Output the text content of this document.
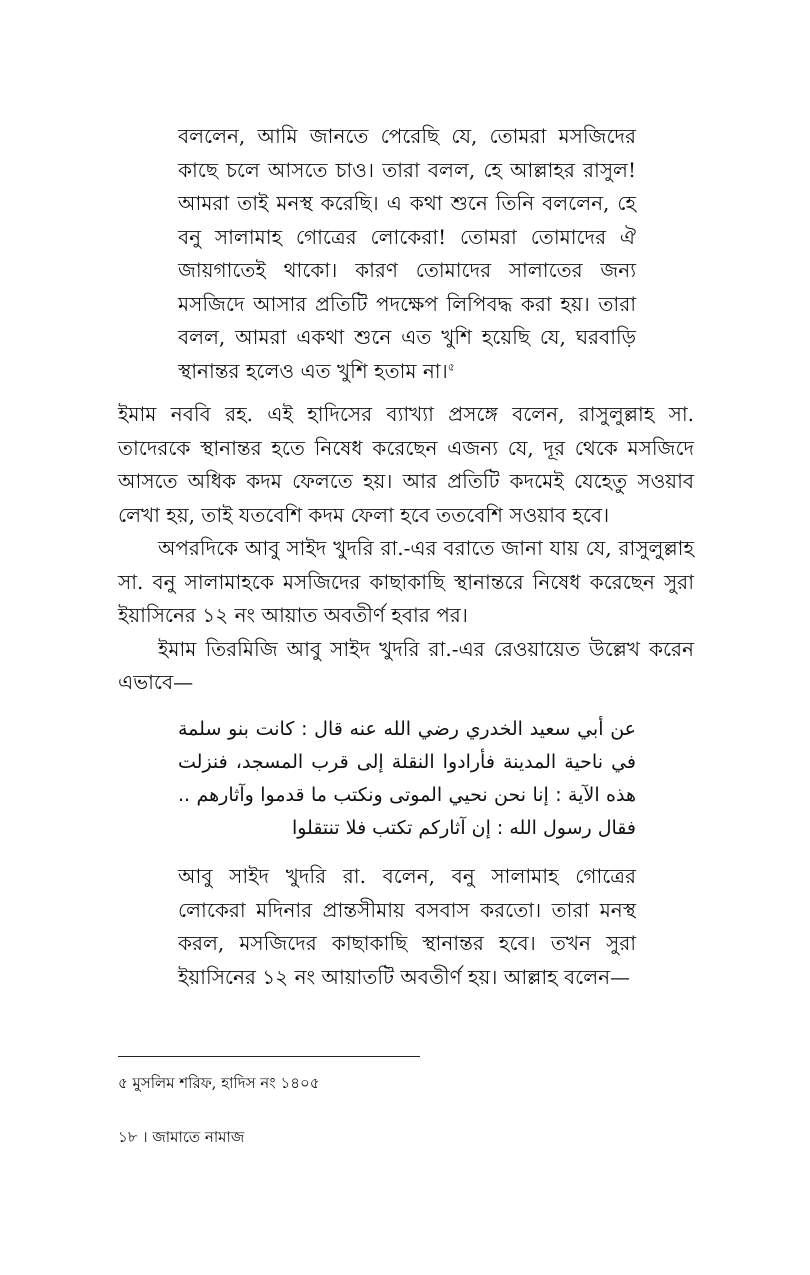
বললেন, আমি জানতে পেরেছি যে, তোমরা মসজিদের কাছে চলে আসতে চাও। তারা বলল, হে আল্লাহর রাসুল! আমরা তাই মনস্থ করেছি। এ কথা শুনে তিনি বললেন, হে বনু সালামাহ গোত্রের লোকেরা! তোমরা তোমাদের ঐ জায়গাতেই থাকো। কারণ তোমাদের সালাতের জন্য মসজিদে আসার প্রতিটি পদক্ষেপ লিপিবদ্ধ করা হয়। তারা বলল, আমরা একথা শুনে এত খুশি হয়েছি যে, ঘরবাড়ি স্থানান্তর হলেও এত খুশি হতাম না।$^৫$

ইমাম নববি রহ. এই হাদিসের ব্যাখ্যা প্রসঙ্গে বলেন, রাসুলুল্লাহ সা. তাদেরকে স্থানান্তর হতে নিষেধ করেছেন এজন্য যে, দূর থেকে মসজিদে আসতে অধিক কদম ফেলতে হয়। আর প্রতিটি কদমেই যেহেতু সওয়াব লেখা হয়, তাই যতবেশি কদম ফেলা হবে ততবেশি সওয়াব হবে।

অপরদিকে আবু সাইদ খুদরি রা.-এর বরাতে জানা যায় যে, রাসুলুল্লাহ সা. বনু সালামাহকে মসজিদের কাছাকাছি স্থানান্তরে নিষেধ করেছেন সুরা ইয়াসিনের ১২ নং আয়াত অবতীর্ণ হবার পর।

ইমাম তিরমিজি আবু সাইদ খুদরি রা.-এর রেওয়ায়েত উল্লেখ করেন এভাবে—

عن أبي سعيد الخدري رضي الله عنه قال : كانت بنو سلمة في ناحية المدينة فأرادوا النقلة إلى قرب المسجد، فنزلت هذه الآية : إنا نحن نحيي الموتى ونكتب ما قدموا وآثارهم .. فقال رسول الله : إن آثاركم تكتب فلا تنتقلوا

আবু সাইদ খুদরি রা. বলেন, বনু সালামাহ গোত্রের লোকেরা মদিনার প্রান্তসীমায় বসবাস করতো। তারা মনস্থ করল, মসজিদের কাছাকাছি স্থানান্তর হবে। তখন সুরা ইয়াসিনের ১২ নং আয়াতটি অবতীর্ণ হয়। আল্লাহ বলেন—

৫ মুসলিম শরিফ, হাদিস নং ১৪০৫
১৮ । জামাতে নামাজ
